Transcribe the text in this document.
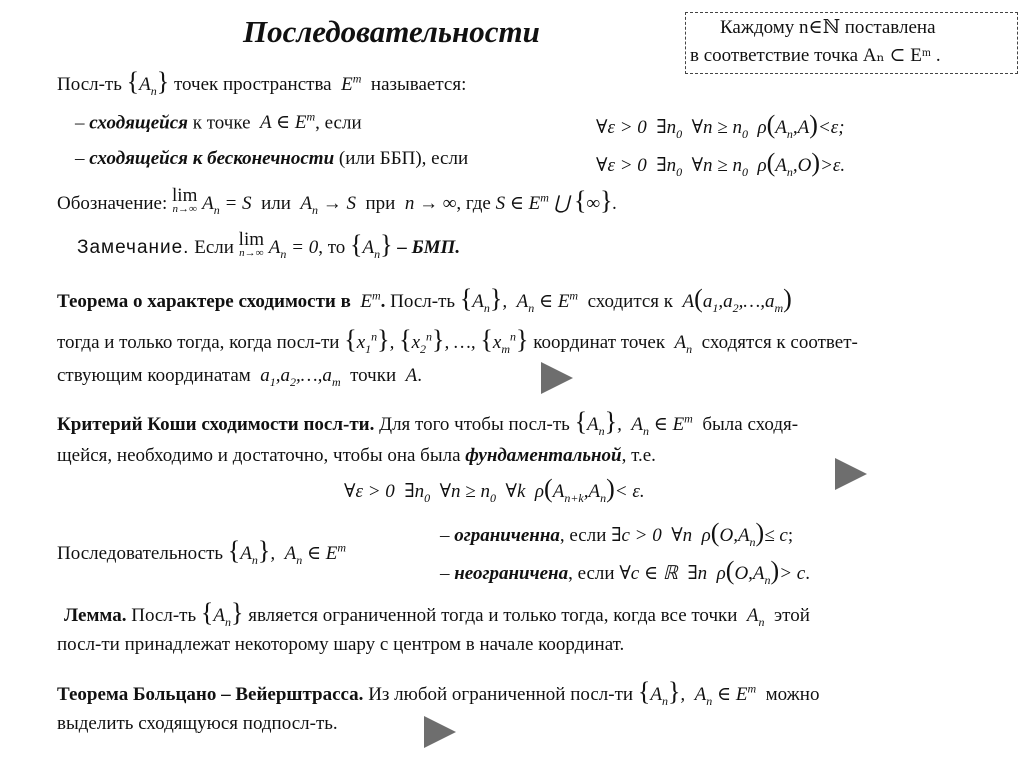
Последовательности	Каждому n∈ℕ поставлена
в соответствие точка Aₙ ⊂ Eᵐ .
Посл-ть $\{A_n\}$ точек пространства  $E^m$ называется:
– сходящейся к точке  A ∈ $E^m$, если	∀ε > 0  $\exists n_0$  ∀n ≥ $n_0$  $\rho(A_n,A)<\varepsilon$;
– сходящейся к бесконечности (или ББП), если	∀ε > 0  $\exists n_0$  ∀n ≥ $n_0$  $\rho(A_n,O)>\varepsilon$.
Обозначение: lim
n→∞ $A_n = S$ или $A_n \to S$ при n → ∞, где S ∈ $E^m$ ⋃ {∞}.
Замечание. Если lim
n→∞ $A_n = 0$, то $\{A_n\}$ – БМП.
Теорема о характере сходимости в  $E^m$. Посл-ть $\{A_n\}$,  $A_n$ ∈ $E^m$ сходится к $A(a_1,a_2,\dots,a_m)$
тогда и только тогда, когда посл-ти $\{x_1^n\}$, $\{x_2^n\}$, …, $\{x_m^n\}$ координат точек  $A_n$ сходятся к соответ-
ствующим координатам  $a_1,a_2,\dots,a_m$ точки  A.
Критерий Коши сходимости посл-ти. Для того чтобы посл-ть $\{A_n\}$,  $A_n$ ∈ $E^m$ была сходя-
щейся, необходимо и достаточно, чтобы она была фундаментальной, т.е.
∀ε > 0  $\exists n_0$  ∀n ≥ $n_0$  ∀k  $\rho(A_{n+k},A_n)< \varepsilon$.
Последовательность $\{A_n\}$,  $A_n$ ∈ $E^m$
– ограниченна, если ∃c > 0  ∀n  $\rho(O,A_n)\le c$;
– неограничена, если ∀c ∈ ℝ  ∃n  $\rho(O,A_n)> c$.
Лемма. Посл-ть $\{A_n\}$ является ограниченной тогда и только тогда, когда все точки  $A_n$ этой
посл-ти принадлежат некоторому шару с центром в начале координат.
Теорема Больцано – Вейерштрасса. Из любой ограниченной посл-ти $\{A_n\}$,  $A_n$ ∈ $E^m$ можно
выделить сходящуюся подпосл-ть.
